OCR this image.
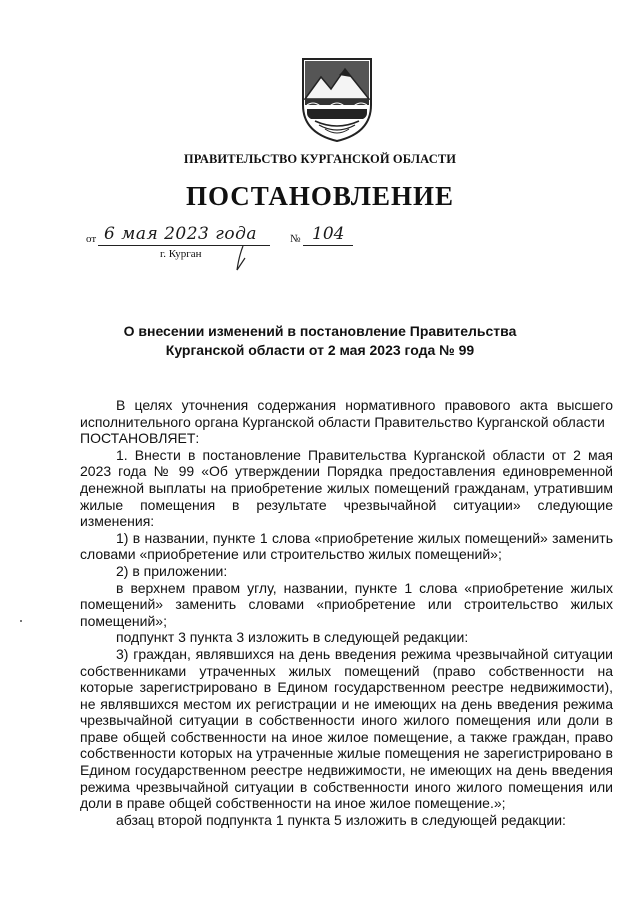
ПРАВИТЕЛЬСТВО КУРГАНСКОЙ ОБЛАСТИ
ПОСТАНОВЛЕНИЕ
от 6 мая 2023 года	№ 104
г. Курган
О внесении изменений в постановление Правительства
Курганской области от 2 мая 2023 года № 99

В целях уточнения содержания нормативного правового акта высшего исполнительного органа Курганской области Правительство Курганской области

ПОСТАНОВЛЯЕТ:

1. Внести в постановление Правительства Курганской области от 2 мая 2023 года № 99 «Об утверждении Порядка предоставления единовременной денежной выплаты на приобретение жилых помещений гражданам, утратившим жилые помещения в результате чрезвычайной ситуации» следующие изменения:

1) в названии, пункте 1 слова «приобретение жилых помещений» заменить словами «приобретение или строительство жилых помещений»;

2) в приложении:

в верхнем правом углу, названии, пункте 1 слова «приобретение жилых помещений» заменить словами «приобретение или строительство жилых помещений»;

подпункт 3 пункта 3 изложить в следующей редакции:

3) граждан, являвшихся на день введения режима чрезвычайной ситуации собственниками утраченных жилых помещений (право собственности на которые зарегистрировано в Едином государственном реестре недвижимости), не являвшихся местом их регистрации и не имеющих на день введения режима чрезвычайной ситуации в собственности иного жилого помещения или доли в праве общей собственности на иное жилое помещение, а также граждан, право собственности которых на утраченные жилые помещения не зарегистрировано в Едином государственном реестре недвижимости, не имеющих на день введения режима чрезвычайной ситуации в собственности иного жилого помещения или доли в праве общей собственности на иное жилое помещение.»;

абзац второй подпункта 1 пункта 5 изложить в следующей редакции:
